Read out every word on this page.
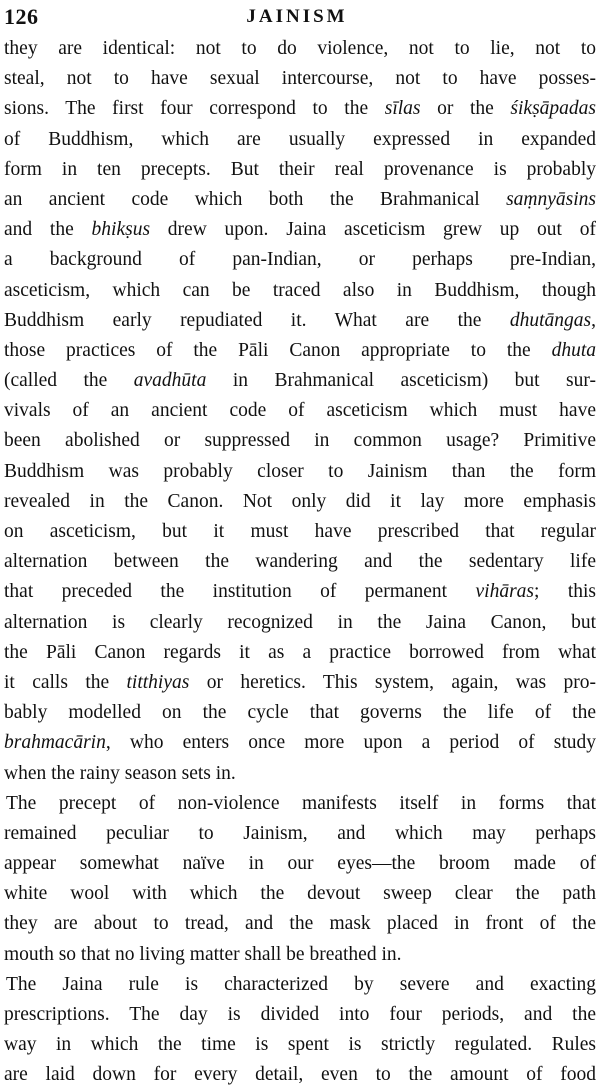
126	JAINISM
they are identical: not to do violence, not to lie, not to
steal, not to have sexual intercourse, not to have posses-
sions. The first four correspond to the sīlas or the śikṣāpadas
of Buddhism, which are usually expressed in expanded
form in ten precepts. But their real provenance is probably
an ancient code which both the Brahmanical saṃnyāsins
and the bhikṣus drew upon. Jaina asceticism grew up out of
a background of pan-Indian, or perhaps pre-Indian,
asceticism, which can be traced also in Buddhism, though
Buddhism early repudiated it. What are the dhutāngas,
those practices of the Pāli Canon appropriate to the dhuta
(called the avadhūta in Brahmanical asceticism) but sur-
vivals of an ancient code of asceticism which must have
been abolished or suppressed in common usage? Primitive
Buddhism was probably closer to Jainism than the form
revealed in the Canon. Not only did it lay more emphasis
on asceticism, but it must have prescribed that regular
alternation between the wandering and the sedentary life
that preceded the institution of permanent vihāras; this
alternation is clearly recognized in the Jaina Canon, but
the Pāli Canon regards it as a practice borrowed from what
it calls the titthiyas or heretics. This system, again, was pro-
bably modelled on the cycle that governs the life of the
brahmacārin, who enters once more upon a period of study
when the rainy season sets in.
The precept of non-violence manifests itself in forms that
remained peculiar to Jainism, and which may perhaps
appear somewhat naïve in our eyes—the broom made of
white wool with which the devout sweep clear the path
they are about to tread, and the mask placed in front of the
mouth so that no living matter shall be breathed in.
The Jaina rule is characterized by severe and exacting
prescriptions. The day is divided into four periods, and the
way in which the time is spent is strictly regulated. Rules
are laid down for every detail, even to the amount of food
